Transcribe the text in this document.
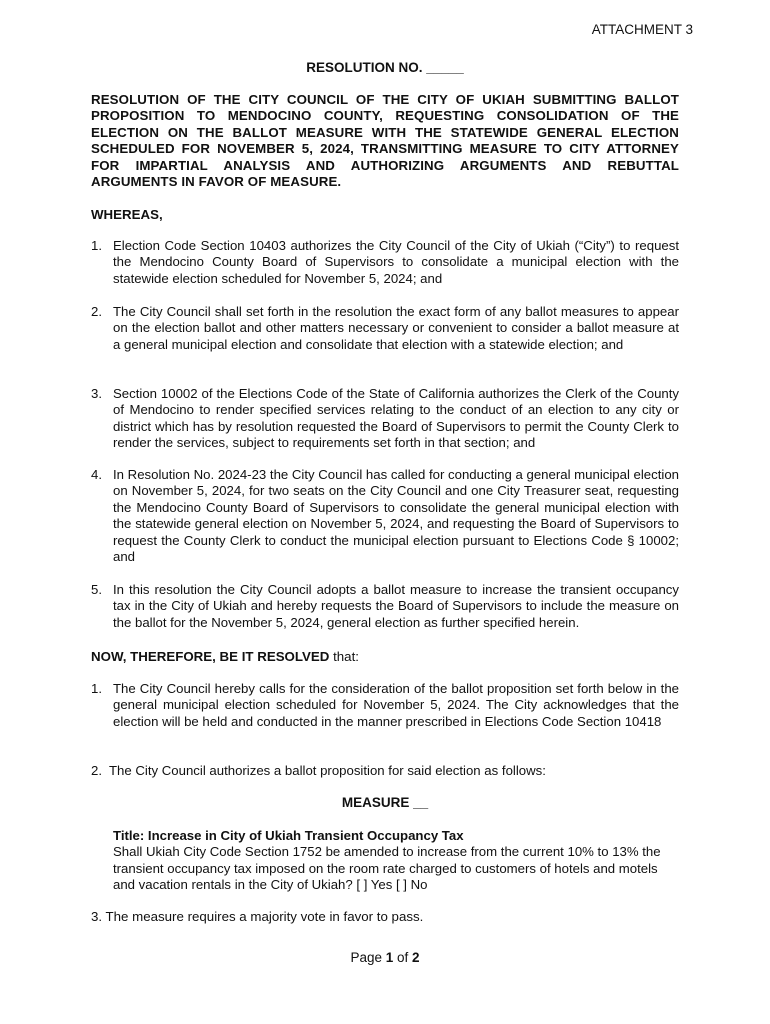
ATTACHMENT 3
RESOLUTION NO. _____
RESOLUTION OF THE CITY COUNCIL OF THE CITY OF UKIAH SUBMITTING BALLOT PROPOSITION TO MENDOCINO COUNTY, REQUESTING CONSOLIDATION OF THE ELECTION ON THE BALLOT MEASURE WITH THE STATEWIDE GENERAL ELECTION SCHEDULED FOR NOVEMBER 5, 2024, TRANSMITTING MEASURE TO CITY ATTORNEY FOR IMPARTIAL ANALYSIS AND AUTHORIZING ARGUMENTS AND REBUTTAL ARGUMENTS IN FAVOR OF MEASURE.
WHEREAS,
1. Election Code Section 10403 authorizes the City Council of the City of Ukiah (“City”) to request the Mendocino County Board of Supervisors to consolidate a municipal election with the statewide election scheduled for November 5, 2024; and
2. The City Council shall set forth in the resolution the exact form of any ballot measures to appear on the election ballot and other matters necessary or convenient to consider a ballot measure at a general municipal election and consolidate that election with a statewide election; and
3. Section 10002 of the Elections Code of the State of California authorizes the Clerk of the County of Mendocino to render specified services relating to the conduct of an election to any city or district which has by resolution requested the Board of Supervisors to permit the County Clerk to render the services, subject to requirements set forth in that section; and
4. In Resolution No. 2024-23 the City Council has called for conducting a general municipal election on November 5, 2024, for two seats on the City Council and one City Treasurer seat, requesting the Mendocino County Board of Supervisors to consolidate the general municipal election with the statewide general election on November 5, 2024, and requesting the Board of Supervisors to request the County Clerk to conduct the municipal election pursuant to Elections Code § 10002; and
5. In this resolution the City Council adopts a ballot measure to increase the transient occupancy tax in the City of Ukiah and hereby requests the Board of Supervisors to include the measure on the ballot for the November 5, 2024, general election as further specified herein.
NOW, THEREFORE, BE IT RESOLVED that:
1. The City Council hereby calls for the consideration of the ballot proposition set forth below in the general municipal election scheduled for November 5, 2024. The City acknowledges that the election will be held and conducted in the manner prescribed in Elections Code Section 10418
2. The City Council authorizes a ballot proposition for said election as follows:
MEASURE __
Title: Increase in City of Ukiah Transient Occupancy Tax
Shall Ukiah City Code Section 1752 be amended to increase from the current 10% to 13% the transient occupancy tax imposed on the room rate charged to customers of hotels and motels and vacation rentals in the City of Ukiah? [ ] Yes [ ] No
3. The measure requires a majority vote in favor to pass.
Page 1 of 2
